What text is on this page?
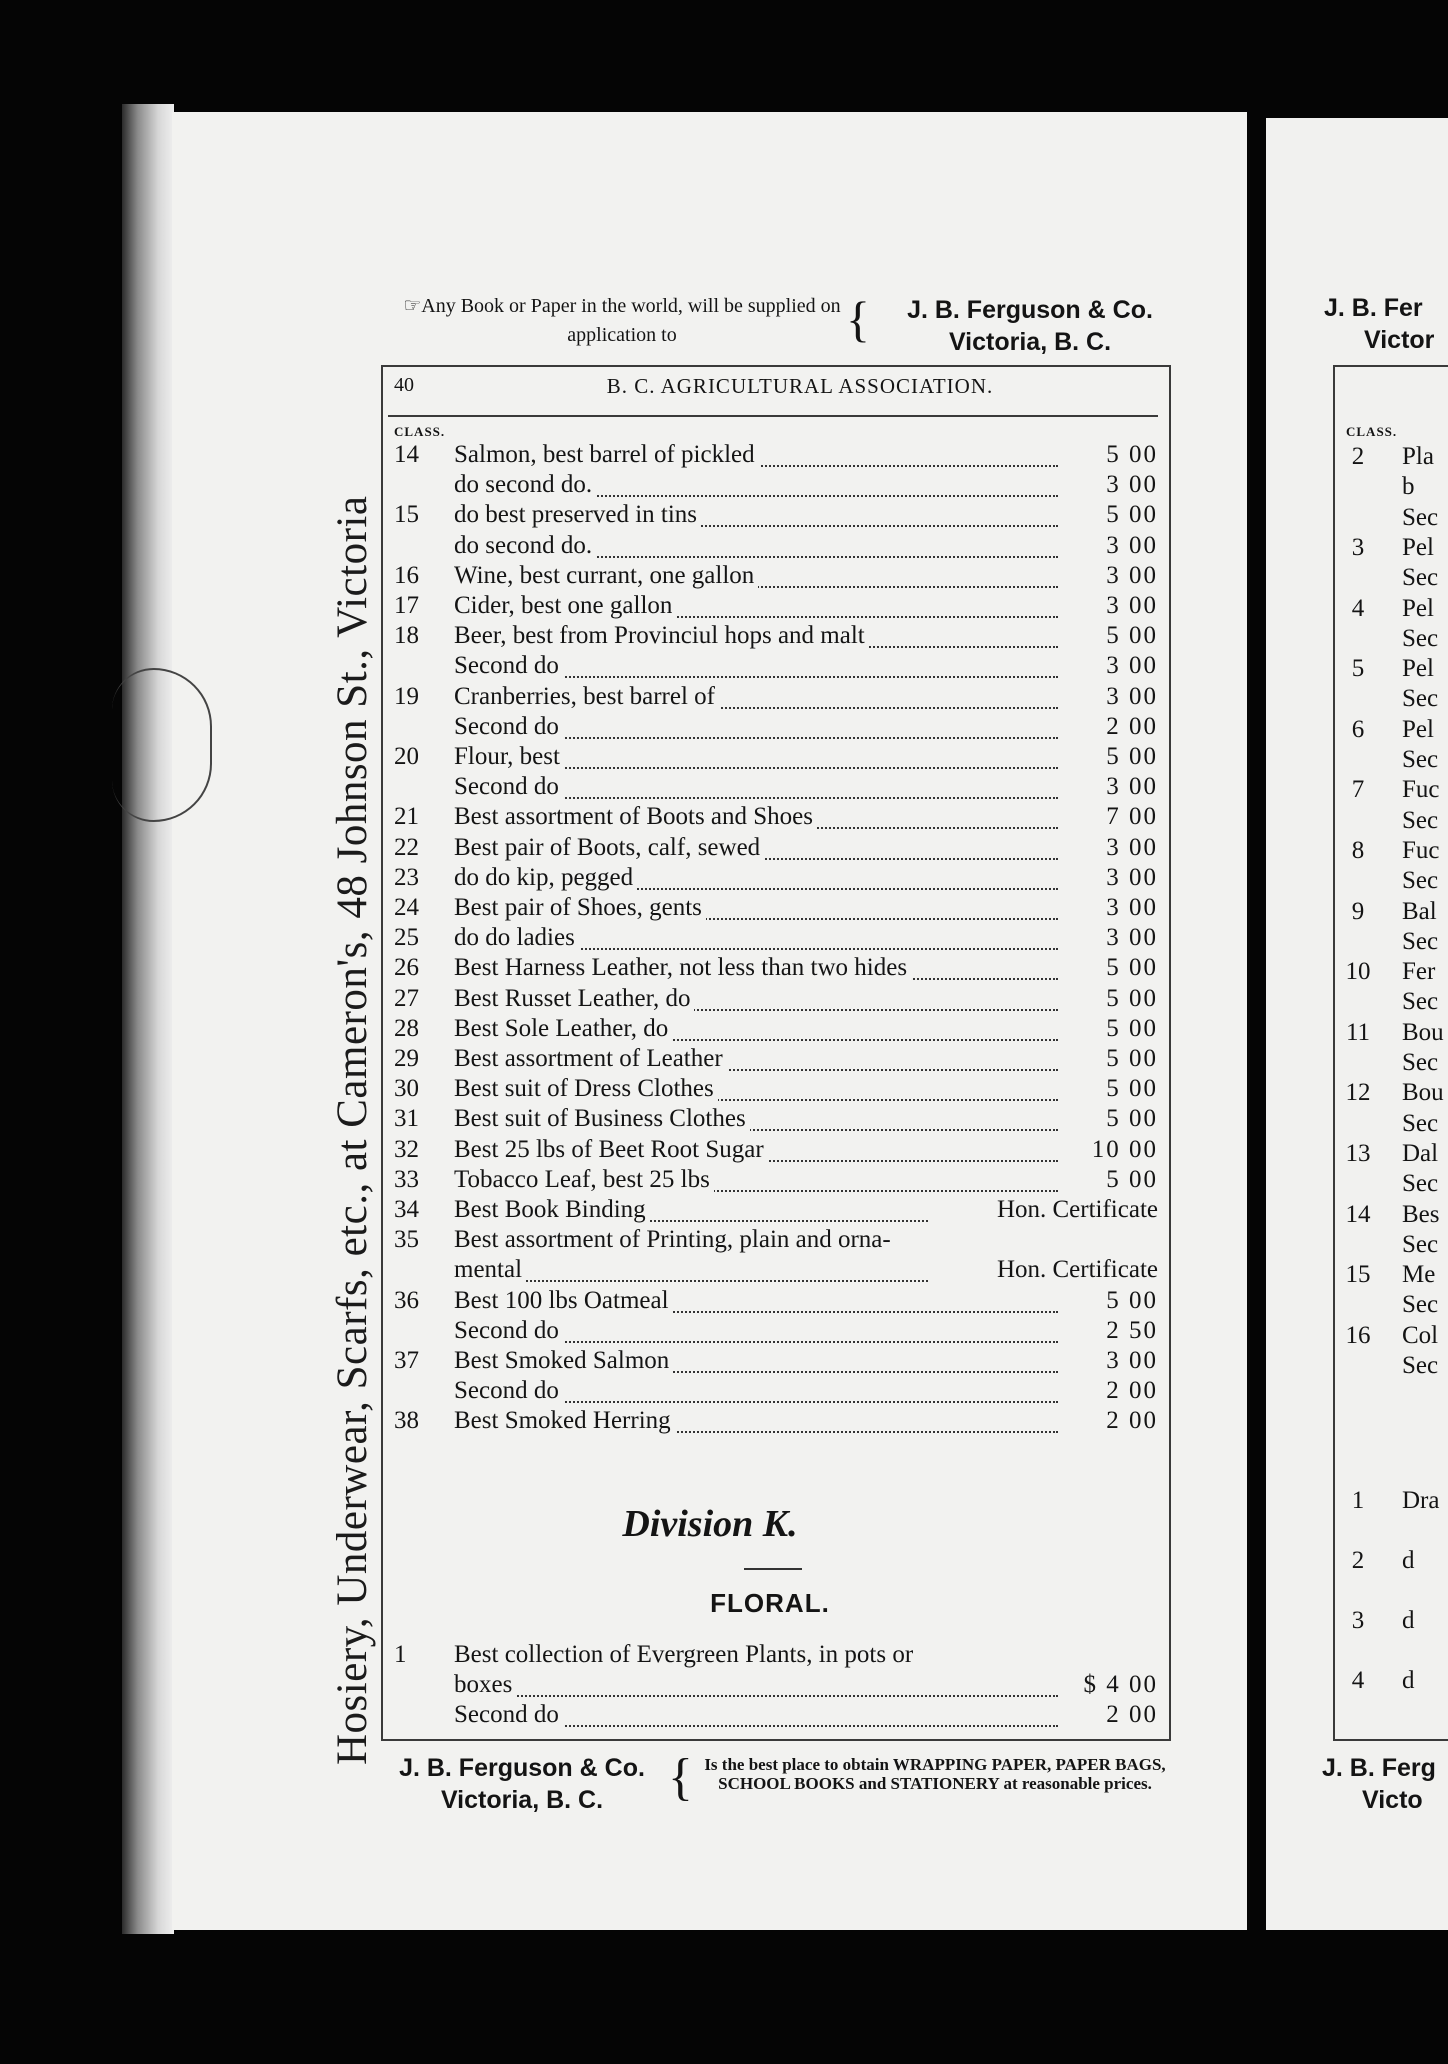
Hosiery, Underwear, Scarfs, etc., at Cameron's, 48 Johnson St., Victoria
☞Any Book or Paper in the world, will be supplied on application to	{	J. B. Ferguson & Co.
Victoria, B. C.
40	B. C. AGRICULTURAL ASSOCIATION.
CLASS.
14	Salmon, best barrel of pickled	5 00
do second do.	3 00
15	do best preserved in tins	5 00
do second do.	3 00
16	Wine, best currant, one gallon	3 00
17	Cider, best one gallon	3 00
18	Beer, best from Provinciul hops and malt	5 00
Second do	3 00
19	Cranberries, best barrel of	3 00
Second do	2 00
20	Flour, best	5 00
Second do	3 00
21	Best assortment of Boots and Shoes	7 00
22	Best pair of Boots, calf, sewed	3 00
23	do do kip, pegged	3 00
24	Best pair of Shoes, gents	3 00
25	do do ladies	3 00
26	Best Harness Leather, not less than two hides	5 00
27	Best Russet Leather, do	5 00
28	Best Sole Leather, do	5 00
29	Best assortment of Leather	5 00
30	Best suit of Dress Clothes	5 00
31	Best suit of Business Clothes	5 00
32	Best 25 lbs of Beet Root Sugar	10 00
33	Tobacco Leaf, best 25 lbs	5 00
34	Best Book Binding	Hon. Certificate
35	Best assortment of Printing, plain and orna-
mental	Hon. Certificate
36	Best 100 lbs Oatmeal	5 00
Second do	2 50
37	Best Smoked Salmon	3 00
Second do	2 00
38	Best Smoked Herring	2 00
Division K.
FLORAL.
1	Best collection of Evergreen Plants, in pots or
boxes	$ 4 00
Second do	2 00
J. B. Ferguson & Co.
Victoria, B. C.	{ Is the best place to obtain WRAPPING PAPER, PAPER BAGS, SCHOOL BOOKS and STATIONERY at reasonable prices.
J. B. Fer
Victor
CLASS.
2	Pla
b
Sec
3	Pel
Sec
4	Pel
Sec
5	Pel
Sec
6	Pel
Sec
7	Fuc
Sec
8	Fuc
Sec
9	Bal
Sec
10 Fer
Sec
11 Bou
Sec
12 Bou
Sec
13 Dal
Sec
14 Bes
Sec
15 Me
Sec
16 Col
Sec
1	Dra
2	d
3	d
4	d
J. B. Ferg
Victo
